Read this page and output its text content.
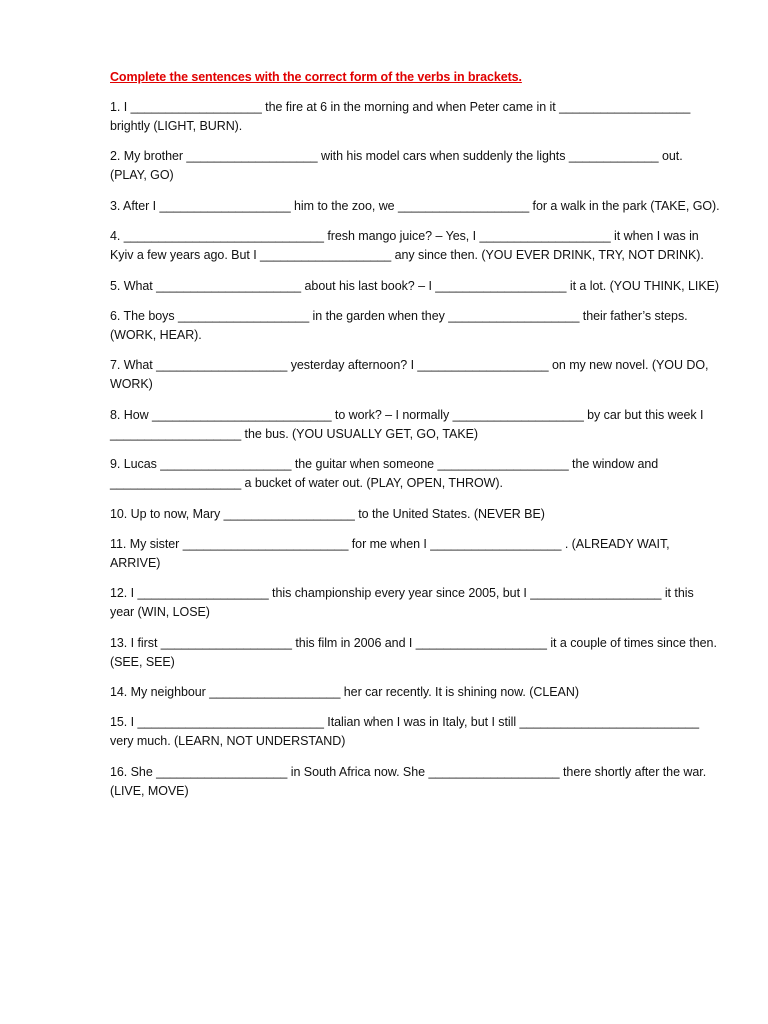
Complete the sentences with the correct form of the verbs in brackets.
1. I ___________________ the fire at 6 in the morning and when Peter came in it ___________________ brightly (LIGHT, BURN).
2. My brother ___________________ with his model cars when suddenly the lights _____________ out. (PLAY, GO)
3. After I ___________________ him to the zoo, we ___________________ for a walk in the park (TAKE, GO).
4. _____________________________ fresh mango juice? – Yes, I ___________________ it when I was in Kyiv a few years ago. But I ___________________ any since then. (YOU EVER DRINK, TRY, NOT DRINK).
5. What _____________________ about his last book? – I ___________________ it a lot. (YOU THINK, LIKE)
6. The boys ___________________ in the garden when they ___________________ their father’s steps. (WORK, HEAR).
7. What ___________________ yesterday afternoon? I ___________________ on my new novel. (YOU DO, WORK)
8. How __________________________ to work? – I normally ___________________ by car but this week I ___________________ the bus. (YOU USUALLY GET, GO, TAKE)
9. Lucas ___________________ the guitar when someone ___________________ the window and ___________________ a bucket of water out. (PLAY, OPEN, THROW).
10. Up to now, Mary ___________________ to the United States. (NEVER BE)
11. My sister ________________________ for me when I ___________________ . (ALREADY WAIT, ARRIVE)
12. I ___________________ this championship every year since 2005, but I ___________________ it this year (WIN, LOSE)
13. I first ___________________ this film in 2006 and I ___________________ it a couple of times since then. (SEE, SEE)
14. My neighbour ___________________ her car recently. It is shining now. (CLEAN)
15. I ___________________________ Italian when I was in Italy, but I still __________________________ very much. (LEARN, NOT UNDERSTAND)
16. She ___________________ in South Africa now. She ___________________ there shortly after the war. (LIVE, MOVE)
